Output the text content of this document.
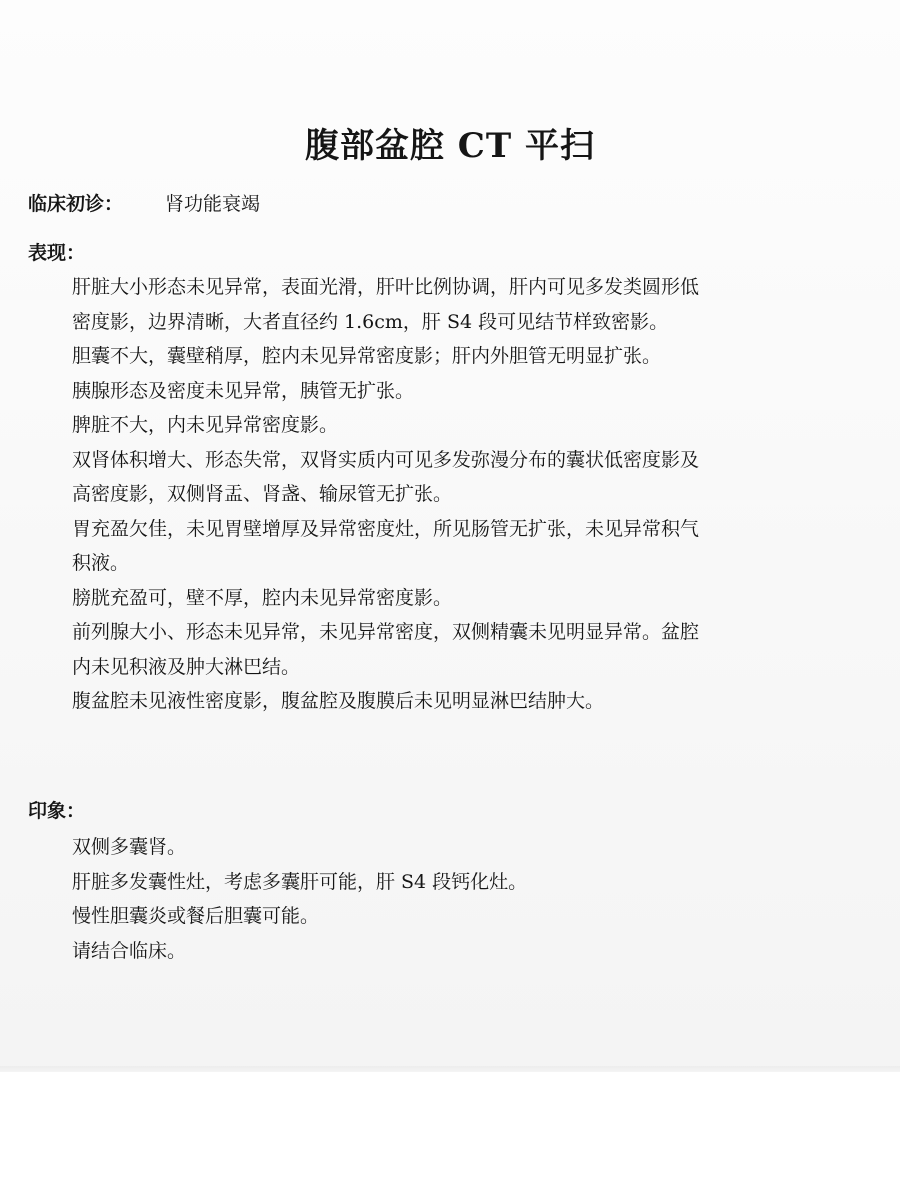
腹部盆腔 CT 平扫
临床初诊： 肾功能衰竭
表现：
肝脏大小形态未见异常，表面光滑，肝叶比例协调，肝内可见多发类圆形低
密度影，边界清晰，大者直径约 1.6cm，肝 S4 段可见结节样致密影。
胆囊不大，囊壁稍厚，腔内未见异常密度影；肝内外胆管无明显扩张。
胰腺形态及密度未见异常，胰管无扩张。
脾脏不大，内未见异常密度影。
双肾体积增大、形态失常，双肾实质内可见多发弥漫分布的囊状低密度影及
高密度影，双侧肾盂、肾盏、输尿管无扩张。
胃充盈欠佳，未见胃壁增厚及异常密度灶，所见肠管无扩张，未见异常积气
积液。
膀胱充盈可，壁不厚，腔内未见异常密度影。
前列腺大小、形态未见异常，未见异常密度，双侧精囊未见明显异常。盆腔
内未见积液及肿大淋巴结。
腹盆腔未见液性密度影，腹盆腔及腹膜后未见明显淋巴结肿大。
印象：
双侧多囊肾。
肝脏多发囊性灶，考虑多囊肝可能，肝 S4 段钙化灶。
慢性胆囊炎或餐后胆囊可能。
请结合临床。
